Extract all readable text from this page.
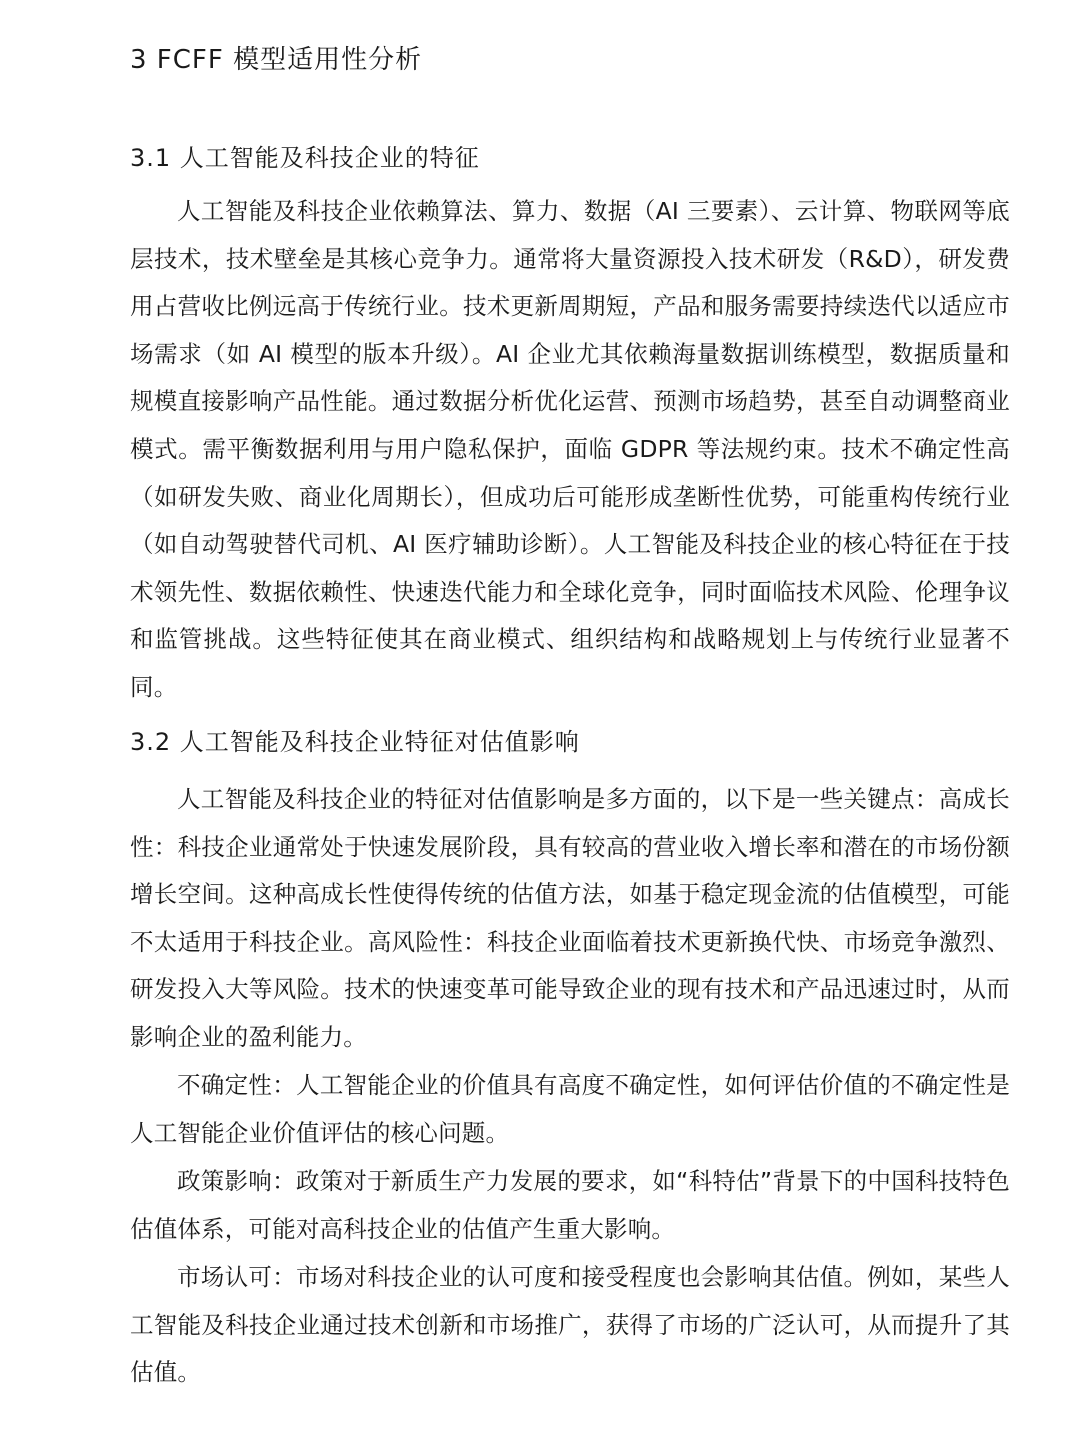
3 FCFF 模型适用性分析
3.1 人工智能及科技企业的特征
人工智能及科技企业依赖算法、算力、数据（AI 三要素）、云计算、物联网等底层技术，技术壁垒是其核心竞争力。通常将大量资源投入技术研发（R&D），研发费用占营收比例远高于传统行业。技术更新周期短，产品和服务需要持续迭代以适应市场需求（如 AI 模型的版本升级）。AI 企业尤其依赖海量数据训练模型，数据质量和规模直接影响产品性能。通过数据分析优化运营、预测市场趋势，甚至自动调整商业模式。需平衡数据利用与用户隐私保护，面临 GDPR 等法规约束。技术不确定性高（如研发失败、商业化周期长），但成功后可能形成垄断性优势，可能重构传统行业（如自动驾驶替代司机、AI 医疗辅助诊断）。人工智能及科技企业的核心特征在于技术领先性、数据依赖性、快速迭代能力和全球化竞争，同时面临技术风险、伦理争议和监管挑战。这些特征使其在商业模式、组织结构和战略规划上与传统行业显著不同。
3.2 人工智能及科技企业特征对估值影响
人工智能及科技企业的特征对估值影响是多方面的，以下是一些关键点：高成长性：科技企业通常处于快速发展阶段，具有较高的营业收入增长率和潜在的市场份额增长空间。这种高成长性使得传统的估值方法，如基于稳定现金流的估值模型，可能不太适用于科技企业。高风险性：科技企业面临着技术更新换代快、市场竞争激烈、研发投入大等风险。技术的快速变革可能导致企业的现有技术和产品迅速过时，从而影响企业的盈利能力。
不确定性：人工智能企业的价值具有高度不确定性，如何评估价值的不确定性是人工智能企业价值评估的核心问题。
政策影响：政策对于新质生产力发展的要求，如“科特估”背景下的中国科技特色估值体系，可能对高科技企业的估值产生重大影响。
市场认可：市场对科技企业的认可度和接受程度也会影响其估值。例如，某些人工智能及科技企业通过技术创新和市场推广，获得了市场的广泛认可，从而提升了其估值。
